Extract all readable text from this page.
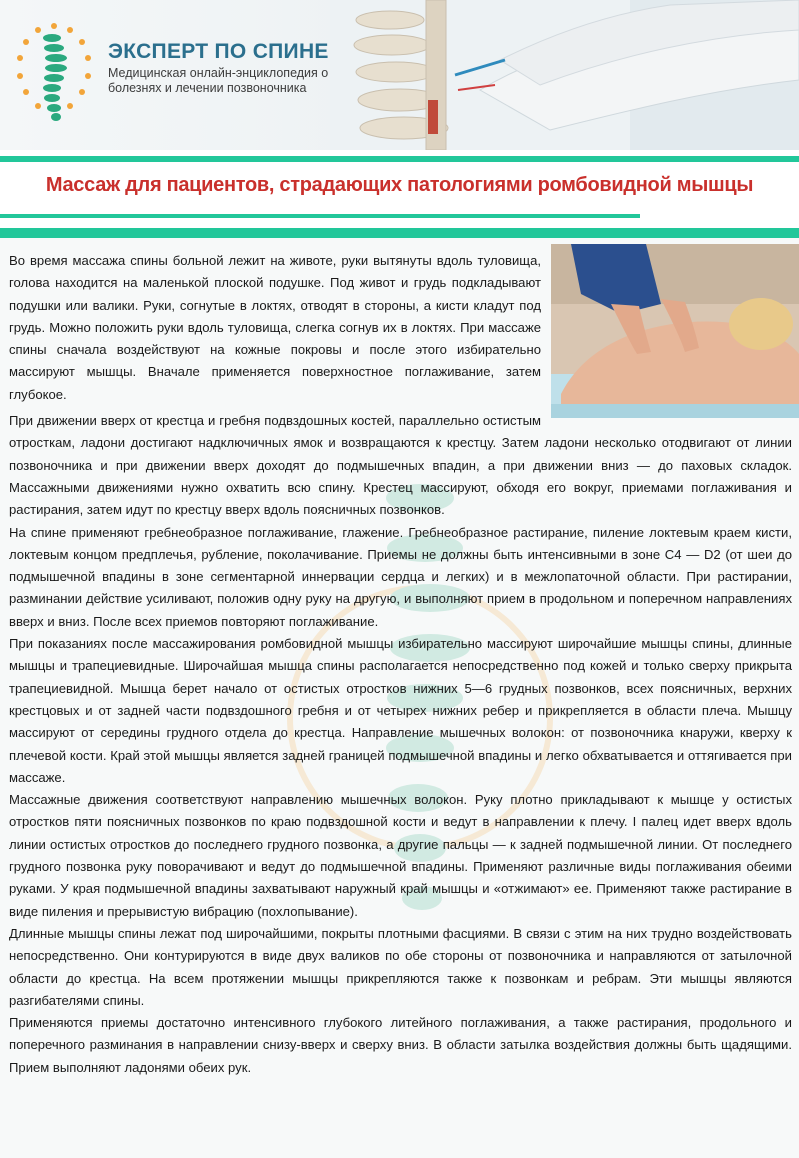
ЭКСПЕРТ ПО СПИНЕ
Медицинская онлайн-энциклопедия о
болезнях и лечении позвоночника
Массаж для пациентов, страдающих патологиями ромбовидной мышцы

Во время массажа спины больной лежит на животе, руки вытянуты вдоль туловища, голова находится на маленькой плоской подушке. Под живот и грудь подкладывают подушки или валики. Руки, согнутые в локтях, отводят в стороны, а кисти кладут под грудь. Можно положить руки вдоль туловища, слегка согнув их в локтях. При массаже спины сначала воздействуют на кожные покровы и после этого избирательно массируют мышцы. Вначале применяется поверхностное поглаживание, затем глубокое.

При движении вверх от крестца и гребня подвздошных костей, параллельно остистым отросткам, ладони достигают надключичных ямок и возвращаются к крестцу. Затем ладони несколько отодвигают от линии позвоночника и при движении вверх доходят до подмышечных впадин, а при движении вниз — до паховых складок. Массажными движениями нужно охватить всю спину. Крестец массируют, обходя его вокруг, приемами поглаживания и растирания, затем идут по крестцу вверх вдоль поясничных позвонков.

На спине применяют гребнеобразное поглаживание, глажение. Гребнеобразное растирание, пиление локтевым краем кисти, локтевым концом предплечья, рубление, поколачивание. Приемы не должны быть интенсивными в зоне С4 — D2 (от шеи до подмышечной впадины в зоне сегментарной иннервации сердца и легких) и в межлопаточной области. При растирании, разминании действие усиливают, положив одну руку на другую, и выполняют прием в продольном и поперечном направлениях вверх и вниз. После всех приемов повторяют поглаживание.

При показаниях после массажирования ромбовидной мышцы избирательно массируют широчайшие мышцы спины, длинные мышцы и трапециевидные. Широчайшая мышца спины располагается непосредственно под кожей и только сверху прикрыта трапециевидной. Мышца берет начало от остистых отростков нижних 5—6 грудных позвонков, всех поясничных, верхних крестцовых и от задней части подвздошного гребня и от четырех нижних ребер и прикрепляется в области плеча. Мышцу массируют от середины грудного отдела до крестца. Направление мышечных волокон: от позвоночника кнаружи, кверху к плечевой кости. Край этой мышцы является задней границей подмышечной впадины и легко обхватывается и оттягивается при массаже.

Массажные движения соответствуют направлению мышечных волокон. Руку плотно прикладывают к мышце у остистых отростков пяти поясничных позвонков по краю подвздошной кости и ведут в направлении к плечу. I палец идет вверх вдоль линии остистых отростков до последнего грудного позвонка, а другие пальцы — к задней подмышечной линии. От последнего грудного позвонка руку поворачивают и ведут до подмышечной впадины. Применяют различные виды поглаживания обеими руками. У края подмышечной впадины захватывают наружный край мышцы и «отжимают» ее. Применяют также растирание в виде пиления и прерывистую вибрацию (похлопывание).

Длинные мышцы спины лежат под широчайшими, покрыты плотными фасциями. В связи с этим на них трудно воздействовать непосредственно. Они контурируются в виде двух валиков по обе стороны от позвоночника и направляются от затылочной области до крестца. На всем протяжении мышцы прикрепляются также к позвонкам и ребрам. Эти мышцы являются разгибателями спины.

Применяются приемы достаточно интенсивного глубокого литейного поглаживания, а также растирания, продольного и поперечного разминания в направлении снизу-вверх и сверху вниз. В области затылка воздействия должны быть щадящими. Прием выполняют ладонями обеих рук.
